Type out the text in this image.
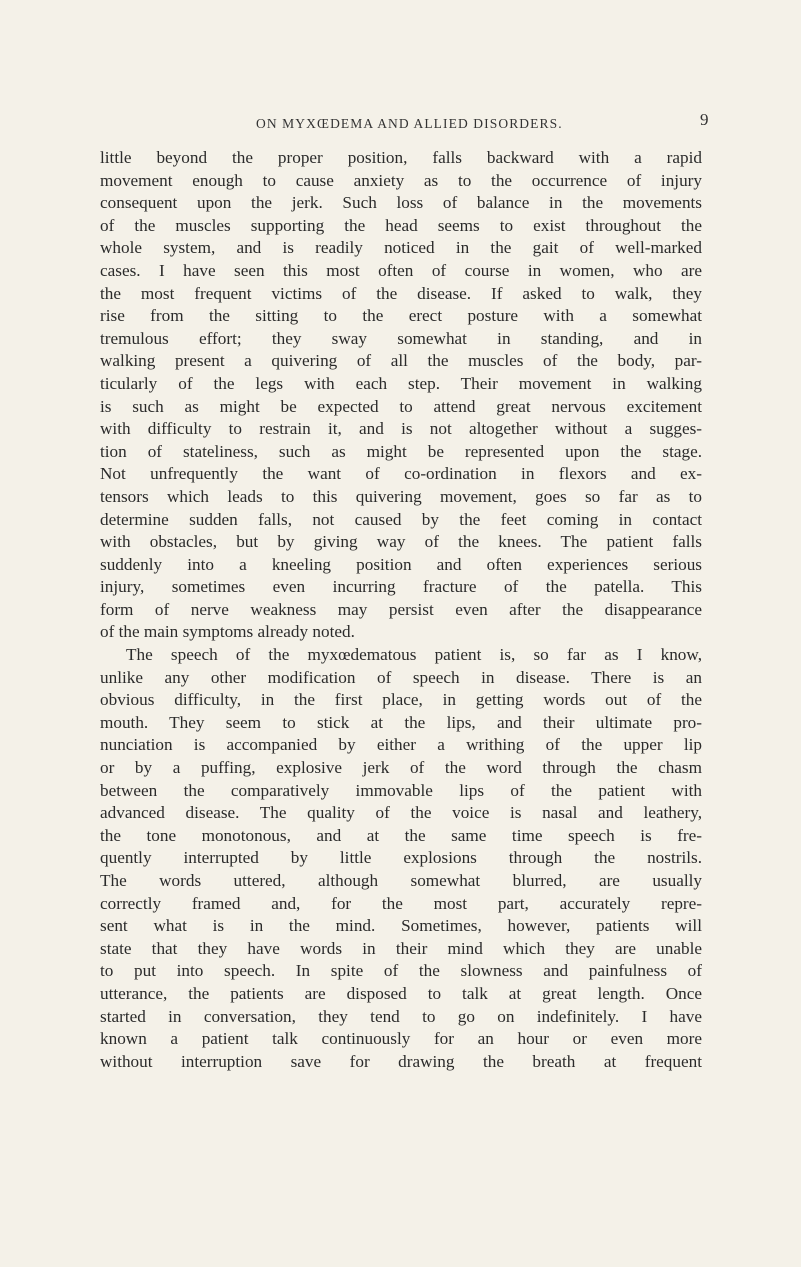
ON MYXŒDEMA AND ALLIED DISORDERS.	9
little beyond the proper position, falls backward with a rapid
movement enough to cause anxiety as to the occurrence of injury
consequent upon the jerk. Such loss of balance in the movements
of the muscles supporting the head seems to exist throughout the
whole system, and is readily noticed in the gait of well-marked
cases. I have seen this most often of course in women, who are
the most frequent victims of the disease. If asked to walk, they
rise from the sitting to the erect posture with a somewhat
tremulous effort; they sway somewhat in standing, and in
walking present a quivering of all the muscles of the body, par-
ticularly of the legs with each step. Their movement in walking
is such as might be expected to attend great nervous excitement
with difficulty to restrain it, and is not altogether without a sugges-
tion of stateliness, such as might be represented upon the stage.
Not unfrequently the want of co-ordination in flexors and ex-
tensors which leads to this quivering movement, goes so far as to
determine sudden falls, not caused by the feet coming in contact
with obstacles, but by giving way of the knees. The patient falls
suddenly into a kneeling position and often experiences serious
injury, sometimes even incurring fracture of the patella. This
form of nerve weakness may persist even after the disappearance
of the main symptoms already noted.
The speech of the myxœdematous patient is, so far as I know,
unlike any other modification of speech in disease. There is an
obvious difficulty, in the first place, in getting words out of the
mouth. They seem to stick at the lips, and their ultimate pro-
nunciation is accompanied by either a writhing of the upper lip
or by a puffing, explosive jerk of the word through the chasm
between the comparatively immovable lips of the patient with
advanced disease. The quality of the voice is nasal and leathery,
the tone monotonous, and at the same time speech is fre-
quently interrupted by little explosions through the nostrils.
The words uttered, although somewhat blurred, are usually
correctly framed and, for the most part, accurately repre-
sent what is in the mind. Sometimes, however, patients will
state that they have words in their mind which they are unable
to put into speech. In spite of the slowness and painfulness of
utterance, the patients are disposed to talk at great length. Once
started in conversation, they tend to go on indefinitely. I have
known a patient talk continuously for an hour or even more
without interruption save for drawing the breath at frequent
